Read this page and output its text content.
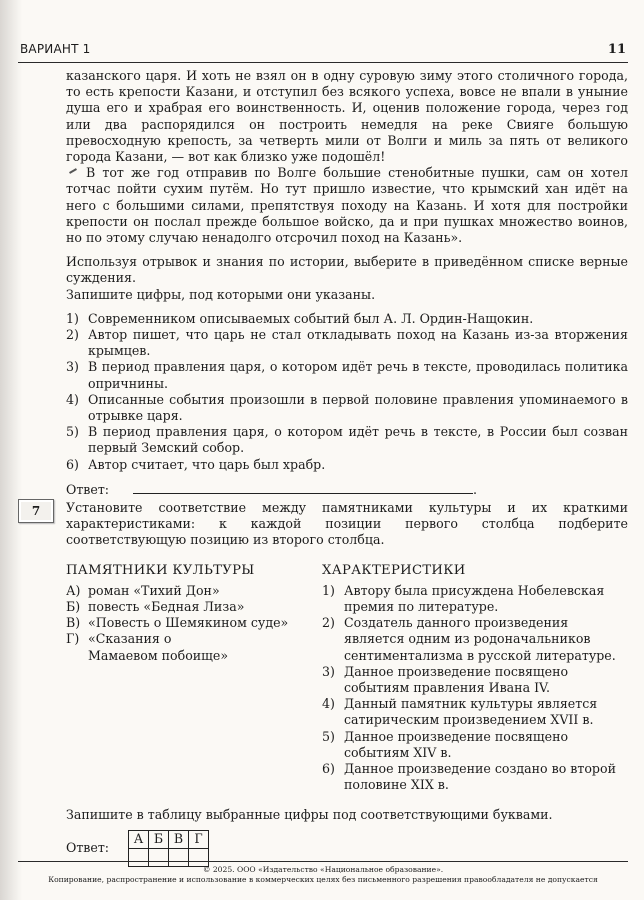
ВАРИАНТ 1	11

казанского царя. И хоть не взял он в одну суровую зиму этого столичного города, то есть крепости Казани, и отступил без всякого успеха, вовсе не впали в уныние душа его и храбрая его воинственность. И, оценив положение города, через год или два распорядился он построить немедля на реке Свияге большую превосходную крепость, за четверть мили от Волги и миль за пять от великого города Казани, — вот как близко уже подошёл!

В тот же год отправив по Волге большие стенобитные пушки, сам он хотел тотчас пойти сухим путём. Но тут пришло известие, что крымский хан идёт на него с большими силами, препятствуя походу на Казань. И хотя для постройки крепости он послал прежде большое войско, да и при пушках множество воинов, но по этому случаю ненадолго отсрочил поход на Казань».

Используя отрывок и знания по истории, выберите в приведённом списке верные суждения.

Запишите цифры, под которыми они указаны.

1) Современником описываемых событий был А. Л. Ордин-Нащокин.
2) Автор пишет, что царь не стал откладывать поход на Казань из-за вторжения крымцев.
3) В период правления царя, о котором идёт речь в тексте, проводилась политика опричнины.
4) Описанные события произошли в первой половине правления упоминаемого в отрывке царя.
5) В период правления царя, о котором идёт речь в тексте, в России был созван первый Земский собор.
6) Автор считает, что царь был храбр.
Ответ:	.
7	Установите соответствие между памятниками культуры и их краткими характеристиками: к каждой позиции первого столбца подберите соответствующую позицию из второго столбца.

ПАМЯТНИКИ КУЛЬТУРЫ
А) роман «Тихий Дон»
Б) повесть «Бедная Лиза»
В) «Повесть о Шемякином суде»
Г) «Сказания о Мамаевом побоище»
ХАРАКТЕРИСТИКИ
1) Автору была присуждена Нобелевская премия по литературе.
2) Создатель данного произведения является одним из родоначальников сентиментализма в русской литературе.
3) Данное произведение посвящено событиям правления Ивана IV.
4) Данный памятник культуры является сатирическим произведением XVII в.
5) Данное произведение посвящено событиям XIV в.
6) Данное произведение создано во второй половине XIX в.

Запишите в таблицу выбранные цифры под соответствующими буквами.

Ответ:
А	Б	В	Г

© 2025. ООО «Издательство «Национальное образование».
Копирование, распространение и использование в коммерческих целях без письменного разрешения правообладателя не допускается
